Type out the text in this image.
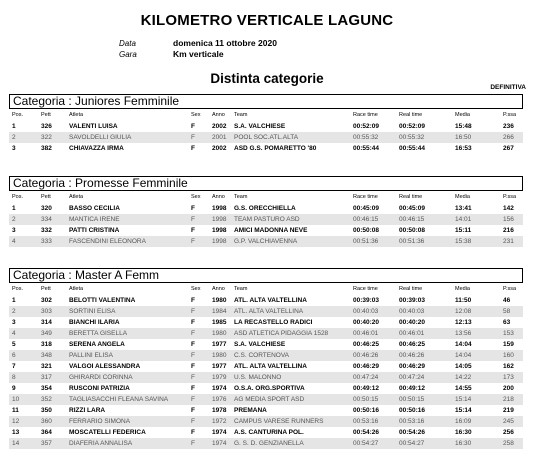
KILOMETRO VERTICALE LAGUNC
Data	domenica 11 ottobre 2020
Gara	Km verticale
Distinta categorie
DEFINITIVA
Categoria : Juniores Femminile
Pos.	Pett	Atleta	Sex Anno Team	Race time	Real time	Media	P.ssa
1	326	VALENTI LUISA	F	2002 S.A. VALCHIESE	00:52:09	00:52:09	15:48	236
2	322	SAVOLDELLI GIULIA	F	2001 POOL SOC.ATL.ALTA	00:55:32	00:55:32	16:50	266
3	382	CHIAVAZZA IRMA	F	2002 ASD G.S. POMARETTO '80	00:55:44	00:55:44	16:53	267
Categoria : Promesse Femminile
Pos.	Pett	Atleta	Sex Anno Team	Race time	Real time	Media	P.ssa
1	320	BASSO CECILIA	F	1998 G.S. ORECCHIELLA	00:45:09	00:45:09	13:41	142
2	334	MANTICA IRENE	F	1998 TEAM PASTURO ASD	00:46:15	00:46:15	14:01	156
3	332	PATTI CRISTINA	F	1998 AMICI MADONNA NEVE	00:50:08	00:50:08	15:11	216
4	333	FASCENDINI ELEONORA	F	1998 G.P. VALCHIAVENNA	00:51:36	00:51:36	15:38	231
Categoria : Master A Femm
Pos.	Pett	Atleta	Sex Anno Team	Race time	Real time	Media	P.ssa
1	302	BELOTTI VALENTINA	F	1980 ATL. ALTA VALTELLINA	00:39:03	00:39:03	11:50	46
2	303	SORTINI ELISA	F	1984 ATL. ALTA VALTELLINA	00:40:03	00:40:03	12:08	58
3	314	BIANCHI ILARIA	F	1985 LA RECASTELLO RADICI	00:40:20	00:40:20	12:13	63
4	349	BERETTA GISELLA	F	1980 ASD ATLETICA PIDAGGIA 1528	00:46:01	00:46:01	13:56	153
5	318	SERENA ANGELA	F	1977 S.A. VALCHIESE	00:46:25	00:46:25	14:04	159
6	348	PALLINI ELISA	F	1980 C.S. CORTENOVA	00:46:26	00:46:26	14:04	160
7	321	VALGOI ALESSANDRA	F	1977 ATL. ALTA VALTELLINA	00:46:29	00:46:29	14:05	162
8	317	GHIRARDI CORINNA	F	1979 U.S. MALONNO	00:47:24	00:47:24	14:22	173
9	354	RUSCONI PATRIZIA	F	1974 O.S.A. ORG.SPORTIVA	00:49:12	00:49:12	14:55	200
10	352	TAGLIASACCHI FLEANA SAVINA	F	1976 AG MEDIA SPORT ASD	00:50:15	00:50:15	15:14	218
11	350	RIZZI LARA	F	1978 PREMANA	00:50:16	00:50:16	15:14	219
12	360	FERRARIO SIMONA	F	1972 CAMPUS VARESE RUNNERS	00:53:16	00:53:16	16:09	245
13	364	MOSCATELLI FEDERICA	F	1974 A.S. CANTURINA POL.	00:54:26	00:54:26	16:30	256
14	357	DIAFERIA ANNALISA	F	1974 G. S. D. GENZIANELLA	00:54:27	00:54:27	16:30	258
